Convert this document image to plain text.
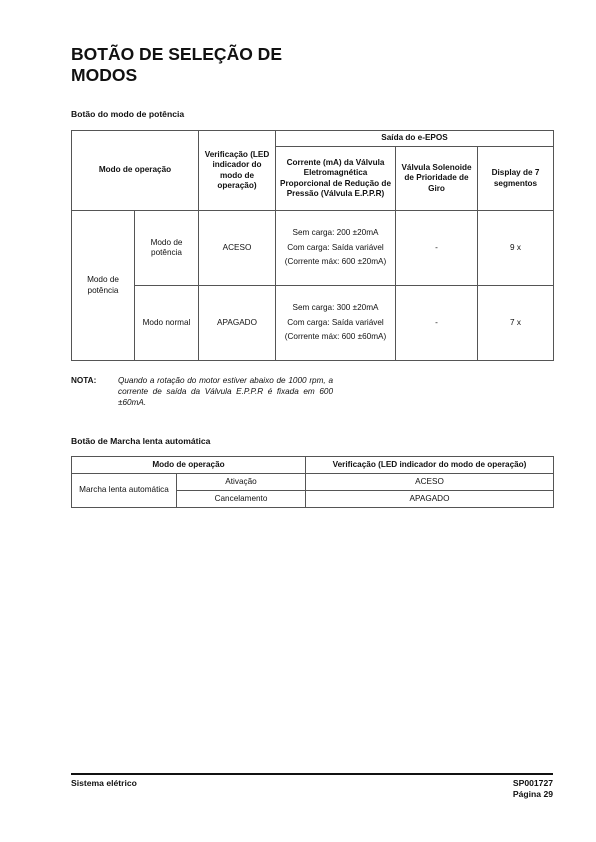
BOTÃO DE SELEÇÃO DE
MODOS
Botão do modo de potência
Modo de operação		Verificação (LED indicador do modo de operação)	Saída do e-EPOS		
			Corrente (mA) da Válvula Eletromagnética Proporcional de Redução de Pressão (Válvula E.P.P.R)	Válvula Solenoide de Prioridade de Giro	Display de 7 segmentos
Modo de potência	Modo de potência	ACESO	Sem carga: 200 ±20mA
Com carga: Saída variável
(Corrente máx: 600 ±20mA)	-	9 x
	Modo normal	APAGADO	Sem carga: 300 ±20mA
Com carga: Saída variável
(Corrente máx: 600 ±60mA)	-	7 x
NOTA:	Quando a rotação do motor estiver abaixo de 1000 rpm, a corrente de saída da Válvula E.P.P.R é fixada em 600 ±60mA.
Botão de Marcha lenta automática
Modo de operação		Verificação (LED indicador do modo de operação)
Marcha lenta automática	Ativação	ACESO
	Cancelamento	APAGADO
Sistema elétrico	SP001727
Página 29
